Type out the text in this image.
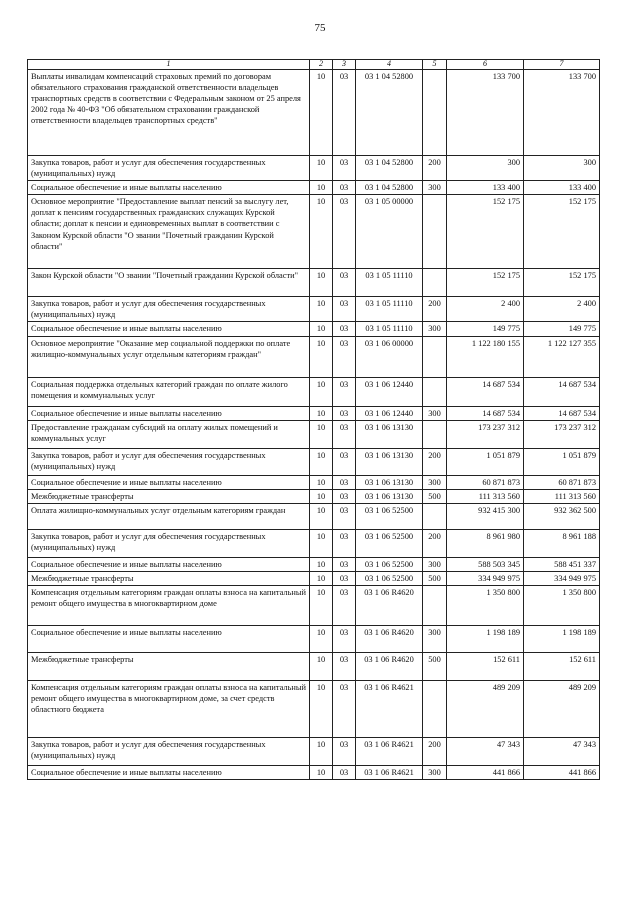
75
1	2	3	4	5	6	7
Выплаты инвалидам компенсаций страховых премий по договорам обязательного страхования гражданской ответственности владельцев транспортных средств в соответствии с Федеральным законом от 25 апреля 2002 года № 40-ФЗ "Об обязательном страховании гражданской ответственности владельцев транспортных средств"	10	03	03 1 04 52800		133 700	133 700
Закупка товаров, работ и услуг для обеспечения государственных (муниципальных) нужд	10	03	03 1 04 52800	200	300	300
Социальное обеспечение и иные выплаты населению	10	03	03 1 04 52800	300	133 400	133 400
Основное мероприятие "Предоставление выплат пенсий за выслугу лет, доплат к пенсиям государственных гражданских служащих Курской области; доплат к пенсии и единовременных выплат в соответствии с Законом Курской области "О звании "Почетный гражданин Курской области"	10	03	03 1 05 00000		152 175	152 175
Закон Курской области "О звании "Почетный гражданин Курской области"	10	03	03 1 05 11110		152 175	152 175
Закупка товаров, работ и услуг для обеспечения государственных (муниципальных) нужд	10	03	03 1 05 11110	200	2 400	2 400
Социальное обеспечение и иные выплаты населению	10	03	03 1 05 11110	300	149 775	149 775
Основное мероприятие "Оказание мер социальной поддержки по оплате жилищно-коммунальных услуг отдельным категориям граждан"	10	03	03 1 06 00000		1 122 180 155	1 122 127 355
Социальная поддержка отдельных категорий граждан по оплате жилого помещения и коммунальных услуг	10	03	03 1 06 12440		14 687 534	14 687 534
Социальное обеспечение и иные выплаты населению	10	03	03 1 06 12440	300	14 687 534	14 687 534
Предоставление гражданам субсидий на оплату жилых помещений и коммунальных услуг	10	03	03 1 06 13130		173 237 312	173 237 312
Закупка товаров, работ и услуг для обеспечения государственных (муниципальных) нужд	10	03	03 1 06 13130	200	1 051 879	1 051 879
Социальное обеспечение и иные выплаты населению	10	03	03 1 06 13130	300	60 871 873	60 871 873
Межбюджетные трансферты	10	03	03 1 06 13130	500	111 313 560	111 313 560
Оплата жилищно-коммунальных услуг отдельным категориям граждан	10	03	03 1 06 52500		932 415 300	932 362 500
Закупка товаров, работ и услуг для обеспечения государственных (муниципальных) нужд	10	03	03 1 06 52500	200	8 961 980	8 961 188
Социальное обеспечение и иные выплаты населению	10	03	03 1 06 52500	300	588 503 345	588 451 337
Межбюджетные трансферты	10	03	03 1 06 52500	500	334 949 975	334 949 975
Компенсация отдельным категориям граждан оплаты взноса на капитальный ремонт общего имущества в многоквартирном доме	10	03	03 1 06 R4620		1 350 800	1 350 800
Социальное обеспечение и иные выплаты населению	10	03	03 1 06 R4620	300	1 198 189	1 198 189
Межбюджетные трансферты	10	03	03 1 06 R4620	500	152 611	152 611
Компенсация отдельным категориям граждан оплаты взноса на капитальный ремонт общего имущества в многоквартирном доме, за счет средств областного бюджета	10	03	03 1 06 R4621		489 209	489 209
Закупка товаров, работ и услуг для обеспечения государственных (муниципальных) нужд	10	03	03 1 06 R4621	200	47 343	47 343
Социальное обеспечение и иные выплаты населению	10	03	03 1 06 R4621	300	441 866	441 866
